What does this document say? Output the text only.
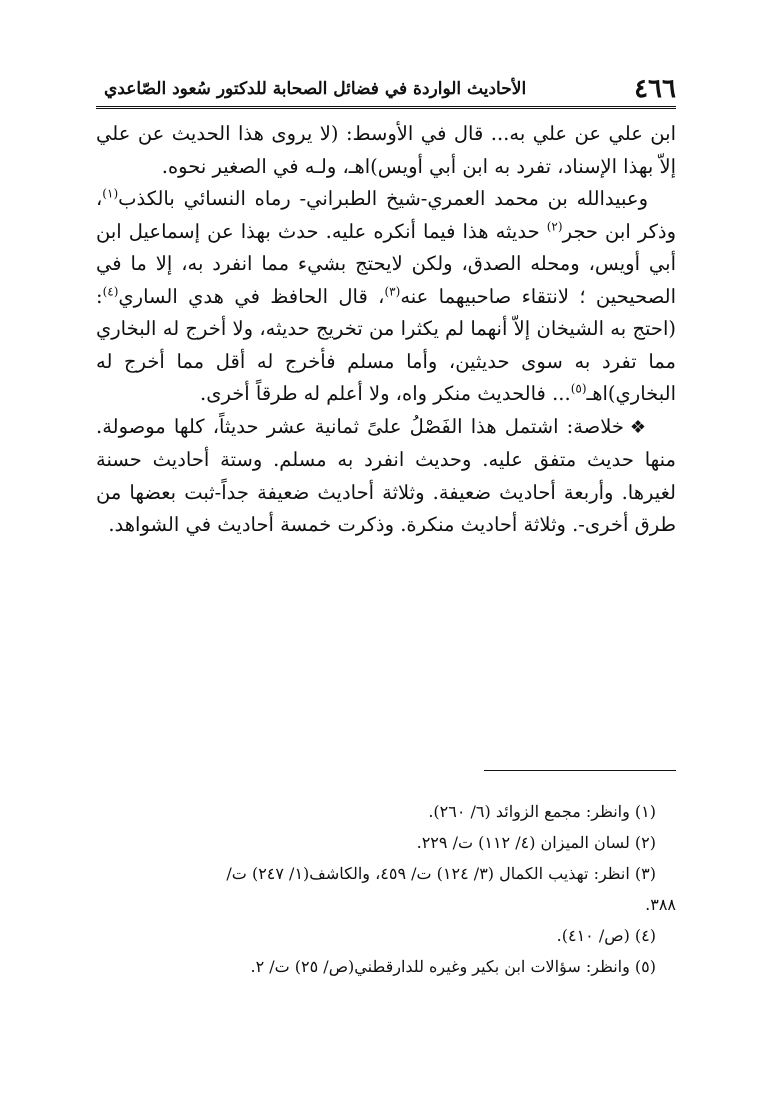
٤٦٦
الأحاديث الواردة في فضائل الصحابة للدكتور سُعود الصّاعدي

ابن علي عن علي به... قال في الأوسط: (لا يروى هذا الحديث عن علي إلاّ بهذا الإسناد، تفرد به ابن أبي أويس)اهـ، ولـه في الصغير نحوه.

وعبيدالله بن محمد العمري-شيخ الطبراني- رماه النسائي بالكذب$^{(١)}$، وذكر ابن حجر$^{(٢)}$ حديثه هذا فيما أنكره عليه. حدث بهذا عن إسماعيل ابن أبي أويس، ومحله الصدق، ولكن لايحتج بشيء مما انفرد به، إلا ما في الصحيحين ؛ لانتقاء صاحبيهما عنه$^{(٣)}$، قال الحافظ في هدي الساري$^{(٤)}$: (احتج به الشيخان إلاّ أنهما لم يكثرا من تخريج حديثه، ولا أخرج له البخاري مما تفرد به سوى حديثين، وأما مسلم فأخرج له أقل مما أخرج له البخاري)اهـ$^{(٥)}$... فالحديث منكر واه، ولا أعلم له طرقاً أخرى.

❖خلاصة: اشتمل هذا الفَصْلُ علىً ثمانية عشر حديثاً، كلها موصولة. منها حديث متفق عليه. وحديث انفرد به مسلم. وستة أحاديث حسنة لغيرها. وأربعة أحاديث ضعيفة. وثلاثة أحاديث ضعيفة جداً-ثبت بعضها من طرق أخرى-. وثلاثة أحاديث منكرة. وذكرت خمسة أحاديث في الشواهد.

(١) وانظر: مجمع الزوائد (٦/ ٢٦٠).

(٢) لسان الميزان (٤/ ١١٢) ت/ ٢٢٩.

(٣) انظر: تهذيب الكمال (٣/ ١٢٤) ت/ ٤٥٩، والكاشف(١/ ٢٤٧) ت/

٣٨٨.

(٤) (ص/ ٤١٠).

(٥) وانظر: سؤالات ابن بكير وغيره للدارقطني(ص/ ٢٥) ت/ ٢.
